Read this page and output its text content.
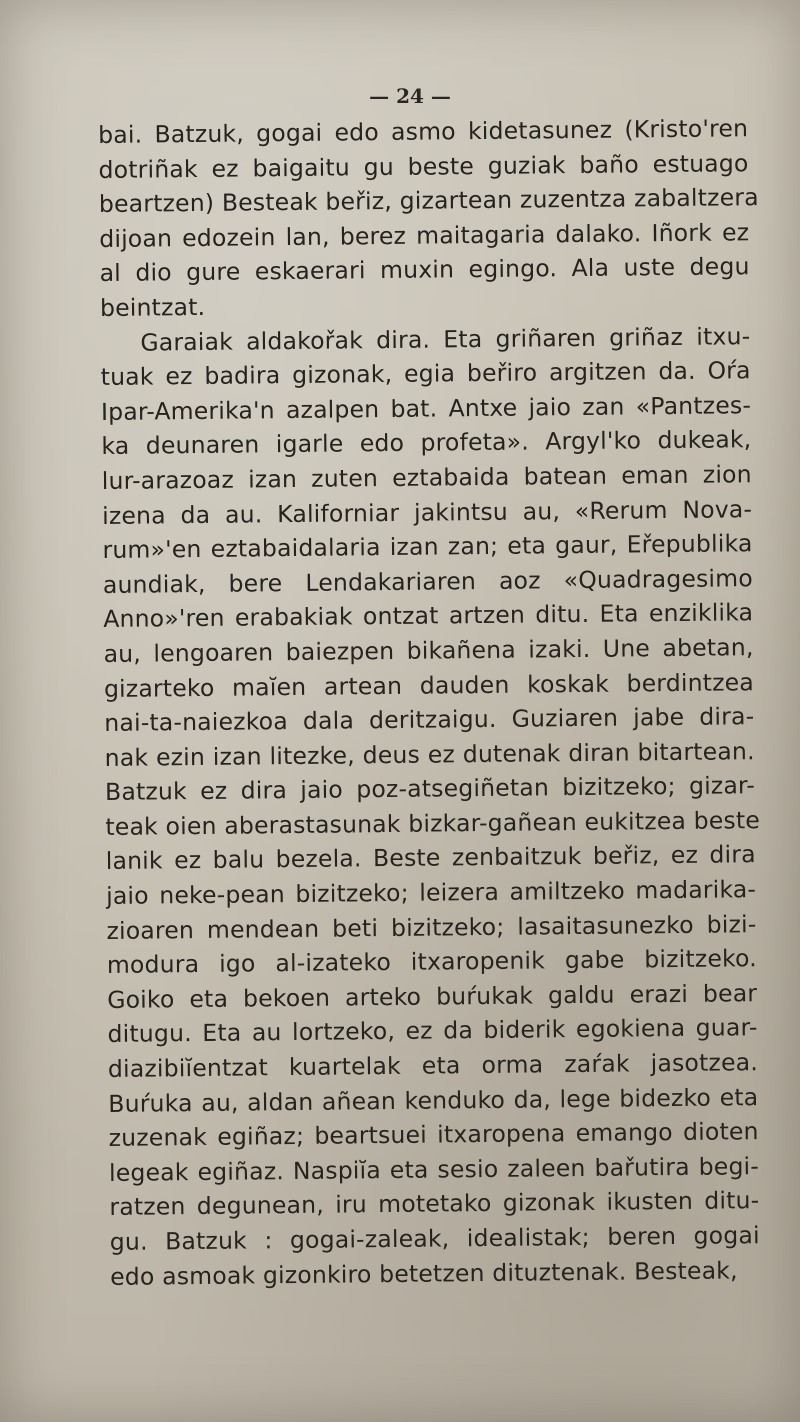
— 24 —
bai. Batzuk, gogai edo asmo kidetasunez (Kristo'ren
dotriñak ez baigaitu gu beste guziak baño estuago
beartzen) Besteak beřiz, gizartean zuzentza zabaltzera
dijoan edozein lan, berez maitagaria dalako. Iñork ez
al dio gure eskaerari muxin egingo. Ala uste degu
beintzat.
Garaiak aldakořak dira. Eta griñaren griñaz itxu-
tuak ez badira gizonak, egia beřiro argitzen da. Oŕa
Ipar-Amerika'n azalpen bat. Antxe jaio zan «Pantzes-
ka deunaren igarle edo profeta». Argyl'ko dukeak,
lur-arazoaz izan zuten eztabaida batean eman zion
izena da au. Kaliforniar jakintsu au, «Rerum Nova-
rum»'en eztabaidalaria izan zan; eta gaur, Eřepublika
aundiak, bere Lendakariaren aoz «Quadragesimo
Anno»'ren erabakiak ontzat artzen ditu. Eta enziklika
au, lengoaren baiezpen bikañena izaki. Une abetan,
gizarteko maĭen artean dauden koskak berdintzea
nai-ta-naiezkoa dala deritzaigu. Guziaren jabe dira-
nak ezin izan litezke, deus ez dutenak diran bitartean.
Batzuk ez dira jaio poz-atsegiñetan bizitzeko; gizar-
teak oien aberastasunak bizkar-gañean eukitzea beste
lanik ez balu bezela. Beste zenbaitzuk beřiz, ez dira
jaio neke-pean bizitzeko; leizera amiltzeko madarika-
zioaren mendean beti bizitzeko; lasaitasunezko bizi-
modura igo al-izateko itxaropenik gabe bizitzeko.
Goiko eta bekoen arteko buŕukak galdu erazi bear
ditugu. Eta au lortzeko, ez da biderik egokiena guar-
diazibiĭentzat kuartelak eta orma zaŕak jasotzea.
Buŕuka au, aldan añean kenduko da, lege bidezko eta
zuzenak egiñaz; beartsuei itxaropena emango dioten
legeak egiñaz. Naspiĭa eta sesio zaleen bařutira begi-
ratzen degunean, iru motetako gizonak ikusten ditu-
gu. Batzuk : gogai-zaleak, idealistak; beren gogai
edo asmoak gizonkiro betetzen dituztenak. Besteak,
